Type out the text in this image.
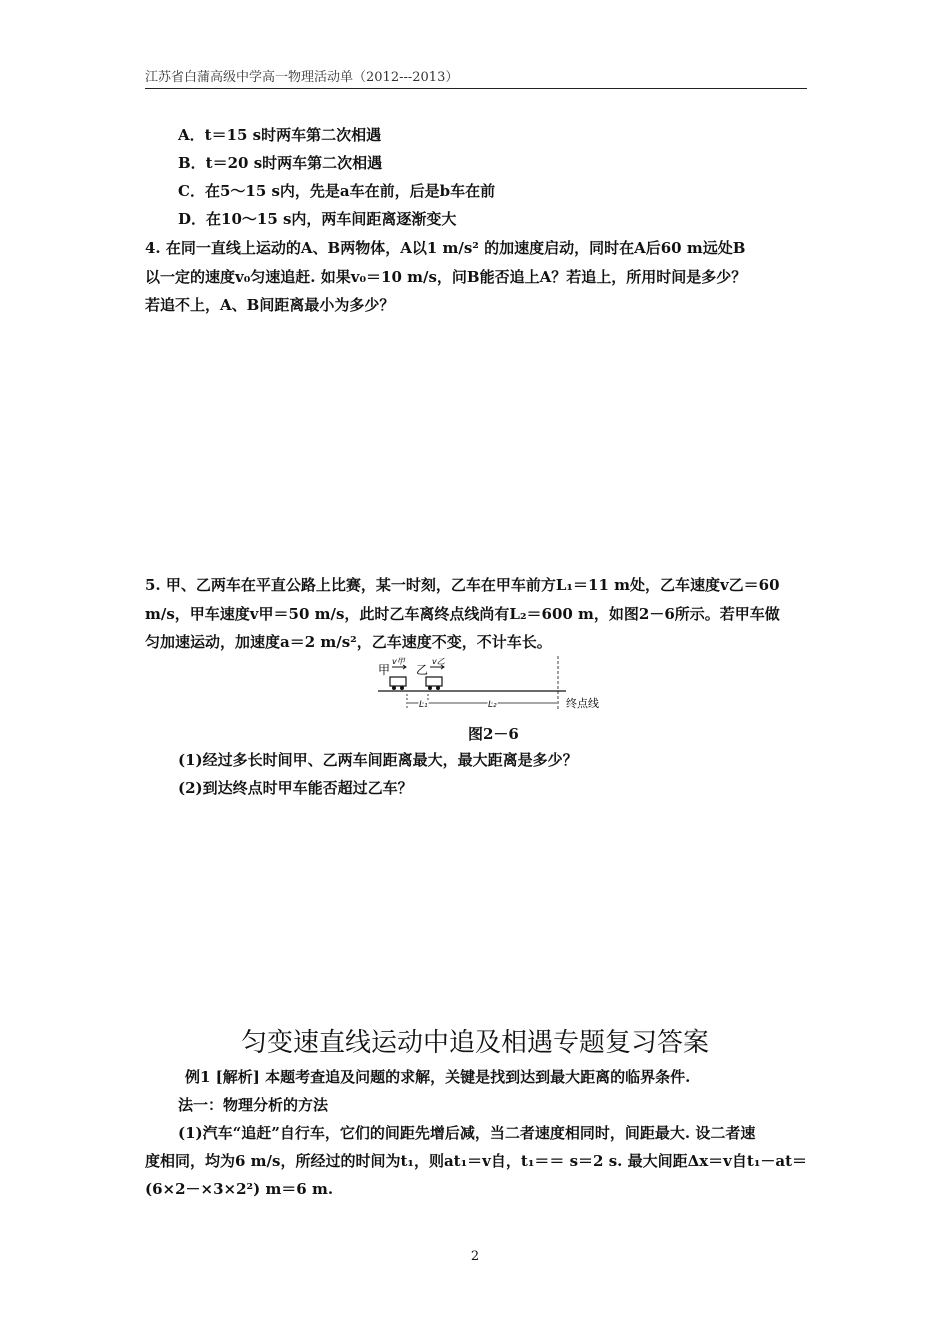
江苏省白蒲高级中学高一物理活动单（2012---2013）
A．t＝15 s时两车第二次相遇
B．t＝20 s时两车第二次相遇
C．在5～15 s内，先是a车在前，后是b车在前
D．在10～15 s内，两车间距离逐渐变大
4. 在同一直线上运动的A、B两物体，A以1 m/s² 的加速度启动，同时在A后60 m远处B
以一定的速度v₀匀速追赶. 如果v₀＝10 m/s，问B能否追上A？若追上，所用时间是多少？
若追不上，A、B间距离最小为多少？
5. 甲、乙两车在平直公路上比赛，某一时刻，乙车在甲车前方L₁＝11 m处，乙车速度v乙＝60
m/s，甲车速度v甲＝50 m/s，此时乙车离终点线尚有L₂＝600 m，如图2－6所示。若甲车做
匀加速运动，加速度a＝2 m/s²，乙车速度不变，不计车长。
甲
v甲
乙
v乙
L₁	L₂	终点线
图2－6
(1)经过多长时间甲、乙两车间距离最大，最大距离是多少？
(2)到达终点时甲车能否超过乙车？
匀变速直线运动中追及相遇专题复习答案
例1 [解析] 本题考查追及问题的求解，关键是找到达到最大距离的临界条件.
法一：物理分析的方法
(1)汽车“追赶”自行车，它们的间距先增后减，当二者速度相同时，间距最大. 设二者速
度相同，均为6 m/s，所经过的时间为t₁，则at₁＝v自，t₁＝＝ s＝2 s. 最大间距Δx＝v自t₁－at＝
(6×2－×3×2²) m＝6 m.
2
